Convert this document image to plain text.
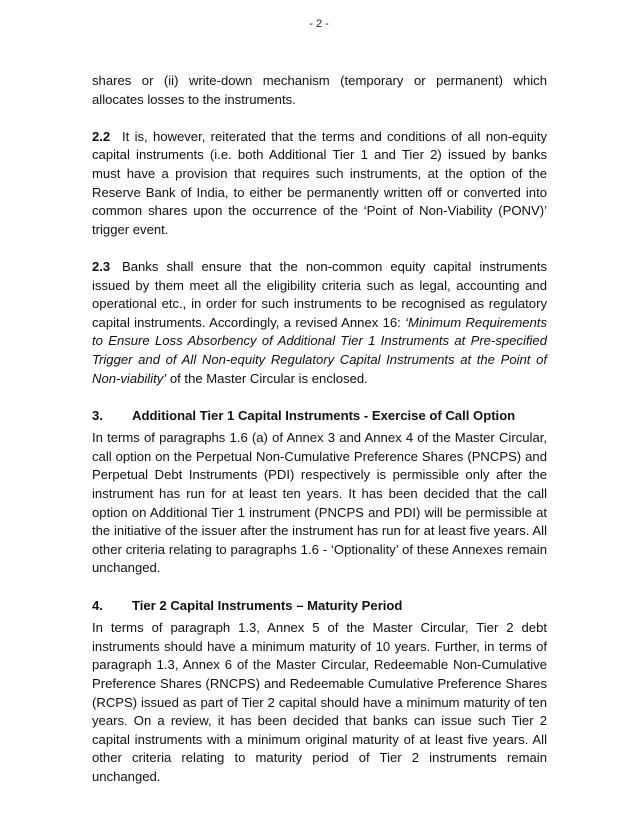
- 2 -

shares or (ii) write-down mechanism (temporary or permanent) which allocates losses to the instruments.

2.2 It is, however, reiterated that the terms and conditions of all non-equity capital instruments (i.e. both Additional Tier 1 and Tier 2) issued by banks must have a provision that requires such instruments, at the option of the Reserve Bank of India, to either be permanently written off or converted into common shares upon the occurrence of the ‘Point of Non-Viability (PONV)’ trigger event.

2.3 Banks shall ensure that the non-common equity capital instruments issued by them meet all the eligibility criteria such as legal, accounting and operational etc., in order for such instruments to be recognised as regulatory capital instruments. Accordingly, a revised Annex 16: ‘Minimum Requirements to Ensure Loss Absorbency of Additional Tier 1 Instruments at Pre-specified Trigger and of All Non-equity Regulatory Capital Instruments at the Point of Non-viability’ of the Master Circular is enclosed.

3.	Additional Tier 1 Capital Instruments - Exercise of Call Option

In terms of paragraphs 1.6 (a) of Annex 3 and Annex 4 of the Master Circular, call option on the Perpetual Non-Cumulative Preference Shares (PNCPS) and Perpetual Debt Instruments (PDI) respectively is permissible only after the instrument has run for at least ten years. It has been decided that the call option on Additional Tier 1 instrument (PNCPS and PDI) will be permissible at the initiative of the issuer after the instrument has run for at least five years. All other criteria relating to paragraphs 1.6 - ‘Optionality’ of these Annexes remain unchanged.

4.	Tier 2 Capital Instruments – Maturity Period

In terms of paragraph 1.3, Annex 5 of the Master Circular, Tier 2 debt instruments should have a minimum maturity of 10 years. Further, in terms of paragraph 1.3, Annex 6 of the Master Circular, Redeemable Non-Cumulative Preference Shares (RNCPS) and Redeemable Cumulative Preference Shares (RCPS) issued as part of Tier 2 capital should have a minimum maturity of ten years. On a review, it has been decided that banks can issue such Tier 2 capital instruments with a minimum original maturity of at least five years. All other criteria relating to maturity period of Tier 2 instruments remain unchanged.
